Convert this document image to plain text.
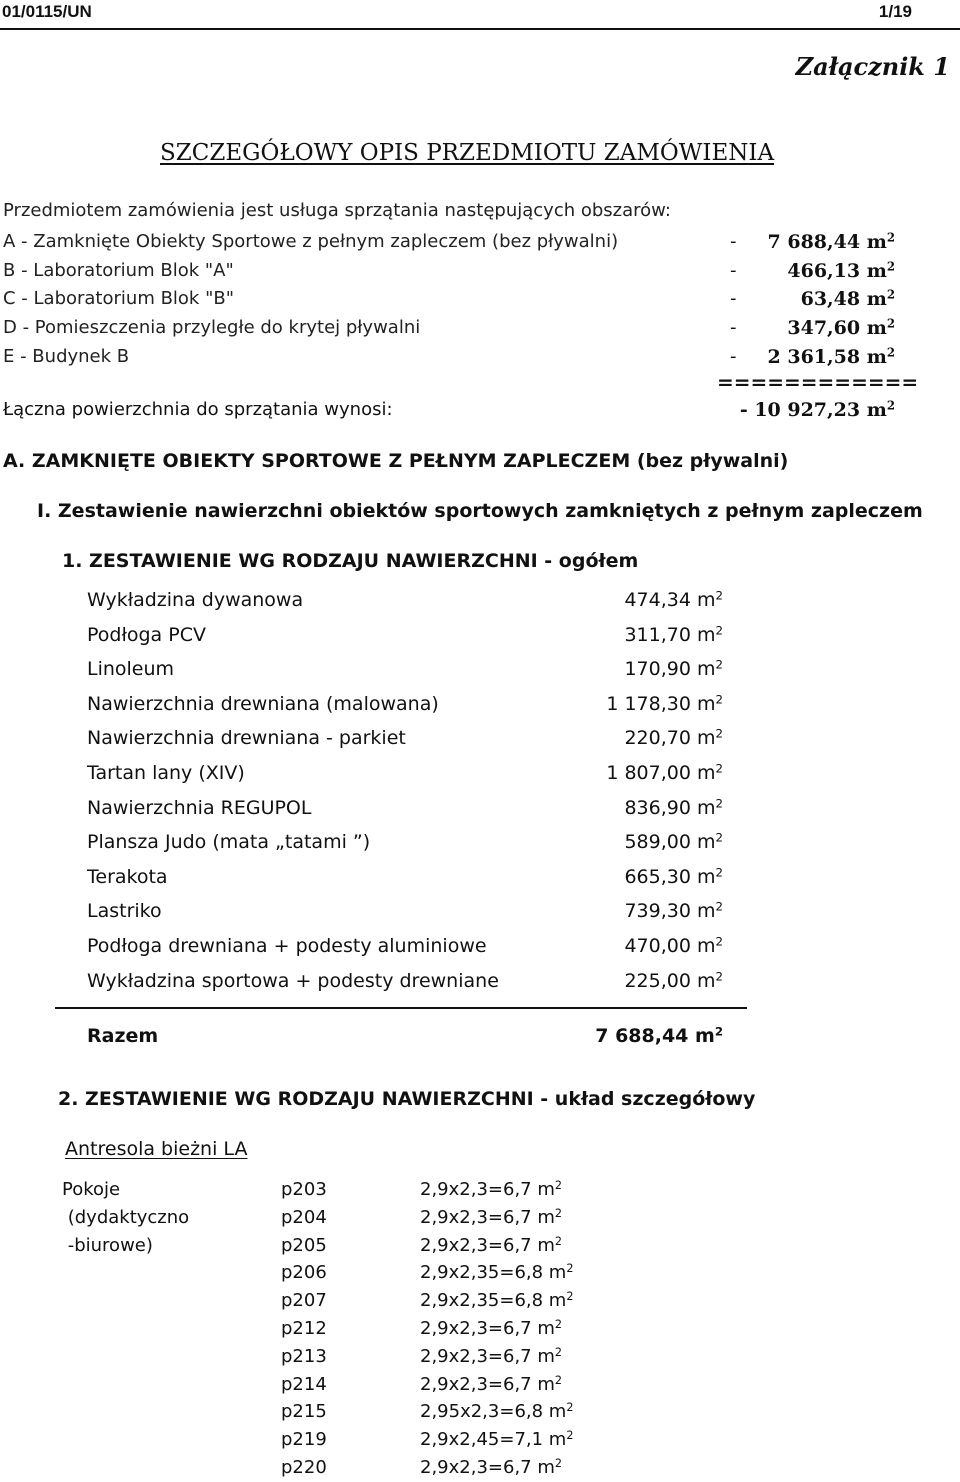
01/0115/UN	1/19
Załącznik 1
SZCZEGÓŁOWY OPIS PRZEDMIOTU ZAMÓWIENIA
Przedmiotem zamówienia jest usługa sprzątania następujących obszarów:
A - Zamknięte Obiekty Sportowe z pełnym zapleczem (bez pływalni)	- 7 688,44 $m^2$
B - Laboratorium Blok "A"	-	466,13 $m^2$
C - Laboratorium Blok "B"	-	63,48 $m^2$
D - Pomieszczenia przyległe do krytej pływalni	-	347,60 $m^2$
E - Budynek B	- 2 361,58 $m^2$
============
Łączna powierzchnia do sprzątania wynosi:	- 10 927,23 $m^2$
A. ZAMKNIĘTE OBIEKTY SPORTOWE Z PEŁNYM ZAPLECZEM (bez pływalni)
I. Zestawienie nawierzchni obiektów sportowych zamkniętych z pełnym zapleczem
1. ZESTAWIENIE WG RODZAJU NAWIERZCHNI - ogółem
Wykładzina dywanowa	474,34 $m^2$
Podłoga PCV	311,70 $m^2$
Linoleum	170,90 $m^2$
Nawierzchnia drewniana (malowana)	1 178,30 $m^2$
Nawierzchnia drewniana - parkiet	220,70 $m^2$
Tartan lany (XIV)	1 807,00 $m^2$
Nawierzchnia REGUPOL	836,90 $m^2$
Plansza Judo (mata „tatami ”)	589,00 $m^2$
Terakota	665,30 $m^2$
Lastriko	739,30 $m^2$
Podłoga drewniana + podesty aluminiowe	470,00 $m^2$
Wykładzina sportowa + podesty drewniane	225,00 $m^2$
Razem	7 688,44 $m^2$
2. ZESTAWIENIE WG RODZAJU NAWIERZCHNI - układ szczegółowy
Antresola bieżni LA
Pokoje
(dydaktyczno
-biurowe)
p203	2,9x2,3=6,7 $m^2$
p204	2,9x2,3=6,7 $m^2$
p205	2,9x2,3=6,7 $m^2$
p206	2,9x2,35=6,8 $m^2$
p207	2,9x2,35=6,8 $m^2$
p212	2,9x2,3=6,7 $m^2$
p213	2,9x2,3=6,7 $m^2$
p214	2,9x2,3=6,7 $m^2$
p215	2,95x2,3=6,8 $m^2$
p219	2,9x2,45=7,1 $m^2$
p220	2,9x2,3=6,7 $m^2$
